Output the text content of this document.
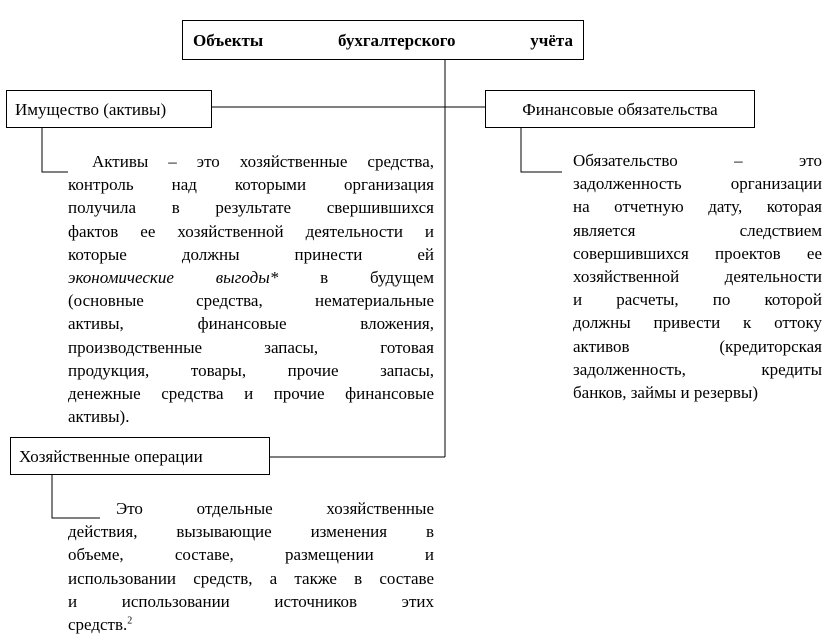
Объекты	бухгалтерского	учёта
Имущество (активы)	Финансовые обязательства
Хозяйственные операции
Активы – это хозяйственные средства,
контроль над которыми организация
получила в результате свершившихся
фактов ее хозяйственной деятельности и
которые должны принести ей
экономические выгоды* в будущем
(основные средства, нематериальные
активы, финансовые вложения,
производственные запасы, готовая
продукция, товары, прочие запасы,
денежные средства и прочие финансовые
активы).
Обязательство – это
задолженность организации
на отчетную дату, которая
является следствием
совершившихся проектов ее
хозяйственной деятельности
и расчеты, по которой
должны привести к оттоку
активов (кредиторская
задолженность, кредиты
банков, займы и резервы)
Это отдельные хозяйственные
действия, вызывающие изменения в
объеме, составе, размещении и
использовании средств, а также в составе
и использовании источников этих
средств.$^2$
